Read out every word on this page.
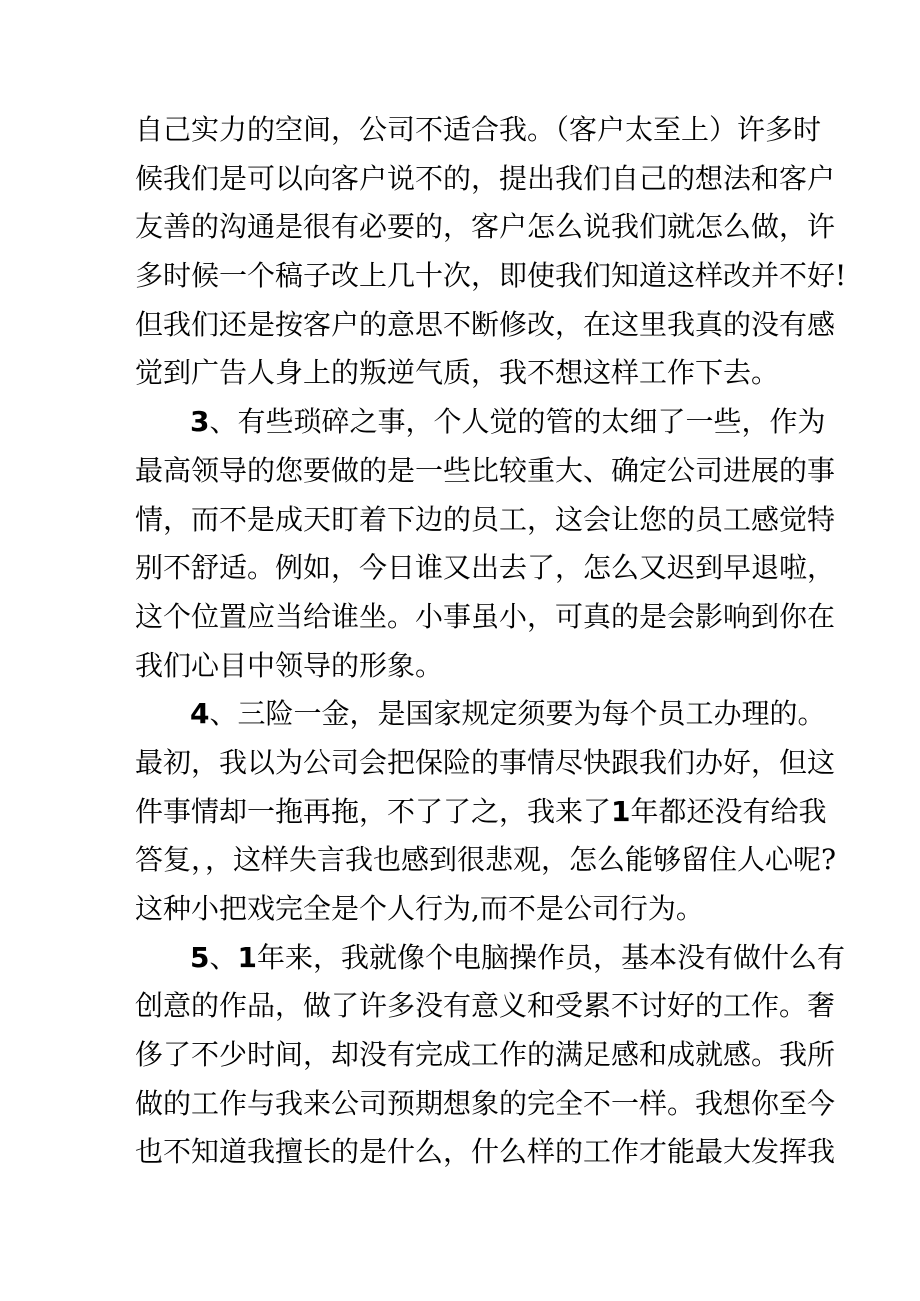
自己实力的空间，公司不适合我。（客户太至上）许多时
候我们是可以向客户说不的，提出我们自己的想法和客户
友善的沟通是很有必要的，客户怎么说我们就怎么做，许
多时候一个稿子改上几十次，即使我们知道这样改并不好!
但我们还是按客户的意思不断修改，在这里我真的没有感
觉到广告人身上的叛逆气质，我不想这样工作下去。
3、有些琐碎之事，个人觉的管的太细了一些，作为
最高领导的您要做的是一些比较重大、确定公司进展的事
情，而不是成天盯着下边的员工，这会让您的员工感觉特
别不舒适。例如，今日谁又出去了，怎么又迟到早退啦，
这个位置应当给谁坐。小事虽小，可真的是会影响到你在
我们心目中领导的形象。
4、三险一金，是国家规定须要为每个员工办理的。
最初，我以为公司会把保险的事情尽快跟我们办好，但这
件事情却一拖再拖，不了了之，我来了1年都还没有给我
答复，，这样失言我也感到很悲观，怎么能够留住人心呢?
这种小把戏完全是个人行为,而不是公司行为。
5、1年来，我就像个电脑操作员，基本没有做什么有
创意的作品，做了许多没有意义和受累不讨好的工作。奢
侈了不少时间，却没有完成工作的满足感和成就感。我所
做的工作与我来公司预期想象的完全不一样。我想你至今
也不知道我擅长的是什么，什么样的工作才能最大发挥我
